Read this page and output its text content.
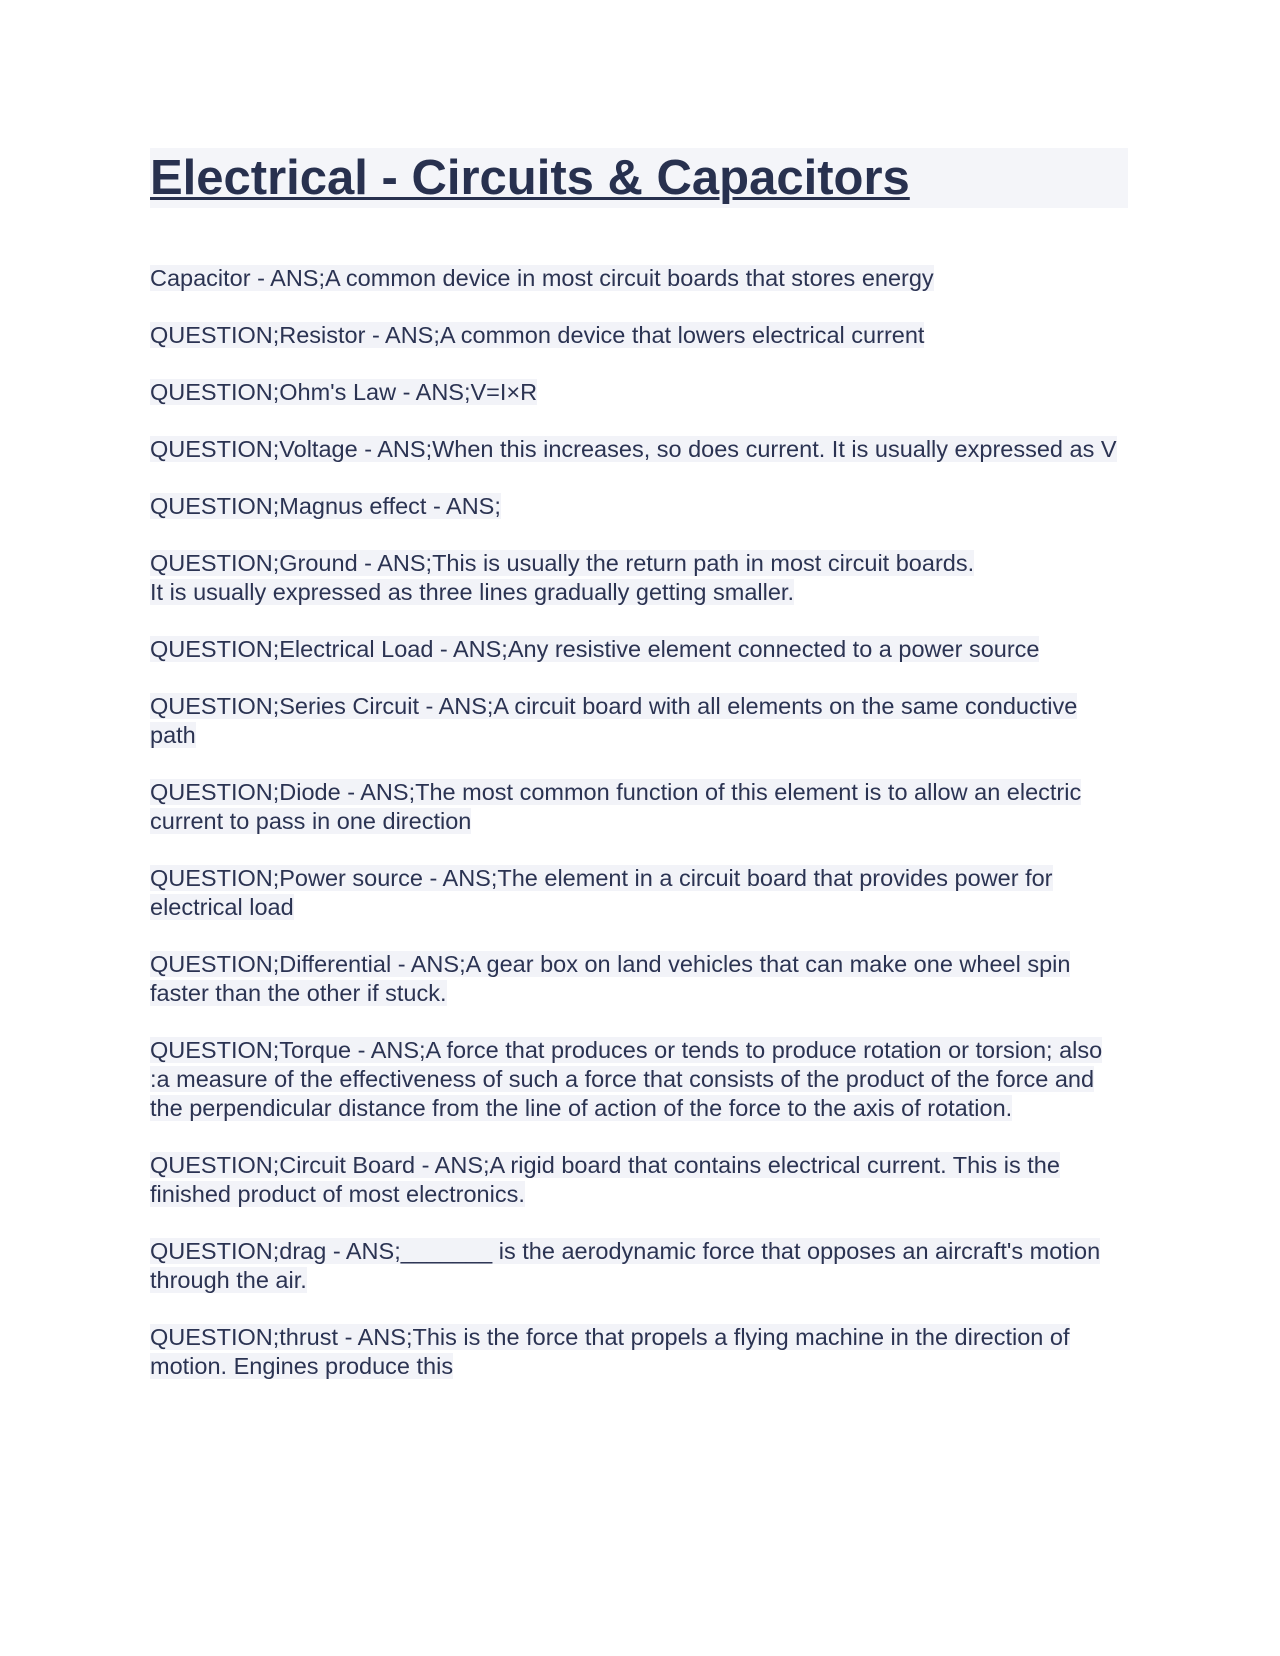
Electrical - Circuits & Capacitors

Capacitor - ANS;A common device in most circuit boards that stores energy

QUESTION;Resistor - ANS;A common device that lowers electrical current

QUESTION;Ohm's Law - ANS;V=I×R

QUESTION;Voltage - ANS;When this increases, so does current. It is usually expressed as V

QUESTION;Magnus effect - ANS;

QUESTION;Ground - ANS;This is usually the return path in most circuit boards.
It is usually expressed as three lines gradually getting smaller.

QUESTION;Electrical Load - ANS;Any resistive element connected to a power source

QUESTION;Series Circuit - ANS;A circuit board with all elements on the same conductive path

QUESTION;Diode - ANS;The most common function of this element is to allow an electric current to pass in one direction

QUESTION;Power source - ANS;The element in a circuit board that provides power for electrical load

QUESTION;Differential - ANS;A gear box on land vehicles that can make one wheel spin faster than the other if stuck.

QUESTION;Torque - ANS;A force that produces or tends to produce rotation or torsion; also :a measure of the effectiveness of such a force that consists of the product of the force and the perpendicular distance from the line of action of the force to the axis of rotation.

QUESTION;Circuit Board - ANS;A rigid board that contains electrical current. This is the finished product of most electronics.

QUESTION;drag - ANS;_______ is the aerodynamic force that opposes an aircraft's motion through the air.

QUESTION;thrust - ANS;This is the force that propels a flying machine in the direction of motion. Engines produce this
